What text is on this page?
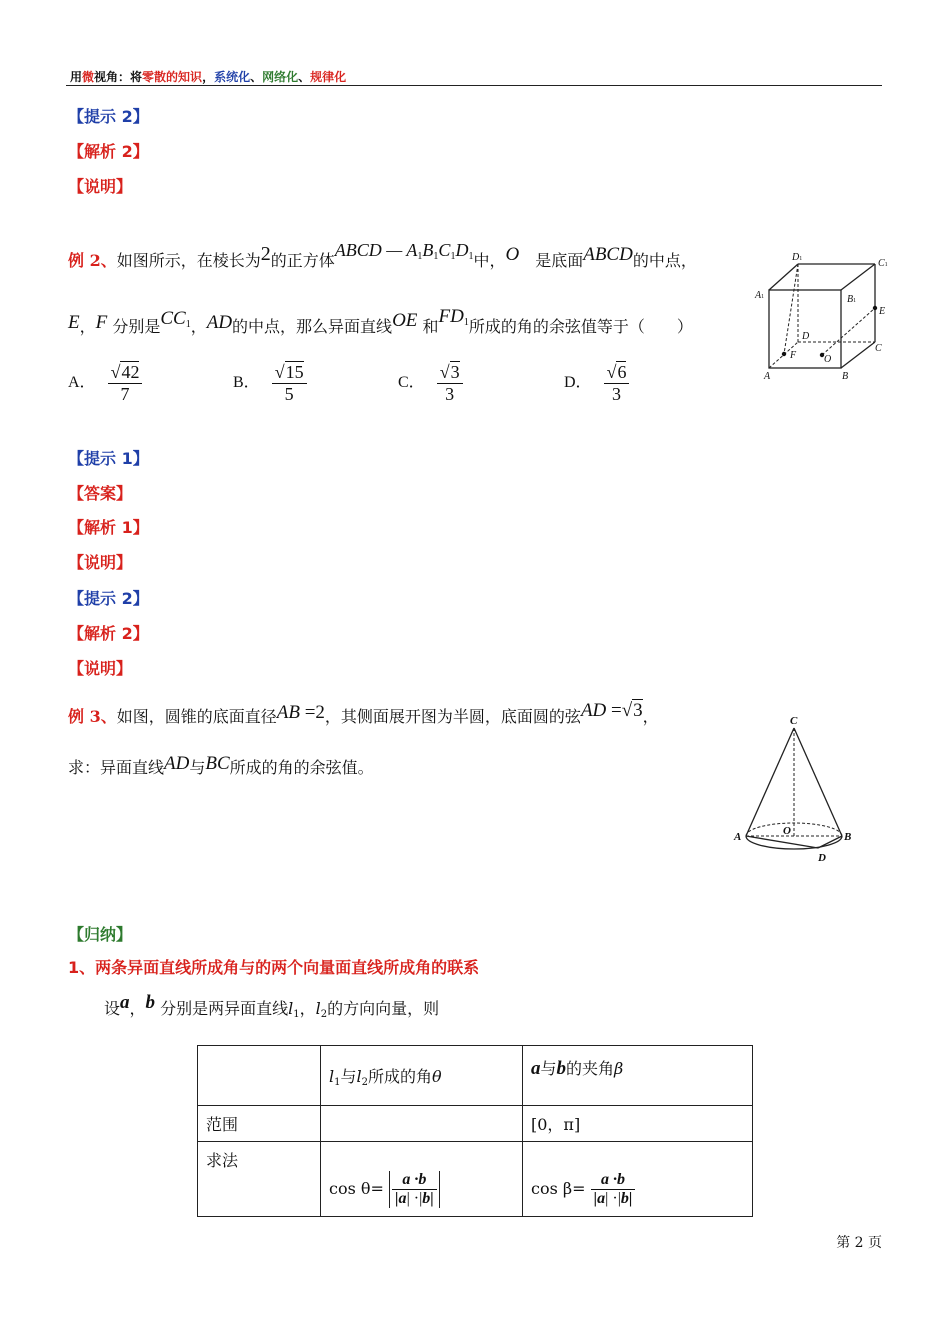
用微视角：将零散的知识，系统化、网络化、规律化
【提示 2】
【解析 2】
【说明】
例 2、如图所示，在棱长为2的正方体ABCD — $A_1B_1C_1D_1$中，O　 是底面ABCD的中点，
E，F 分别是$CC_1$，AD的中点，那么异面直线OE 和$FD_1$所成的角的余弦值等于（　　）
A． $\frac{√42}{7}$	B． $\frac{√15}{5}$	C． $\frac{√3}{3}$	D． $\frac{√6}{3}$
D1	C1
A1	B1
E
D
C
F	O
A	B
【提示 1】
【答案】
【解析 1】
【说明】
【提示 2】
【解析 2】
【说明】
例 3、如图，圆锥的底面直径AB =2，其侧面展开图为半圆，底面圆的弦AD =√3，
求：异面直线AD与BC所成的角的余弦值。
C
A	O	B
D
【归纳】
1、两条异面直线所成角与的两个向量面直线所成角的联系
设a，b 分别是两异面直线$l_1$，$l_2$的方向向量，则
	$l_1$与$l_2$所成的角θ	a与b的夹角β
范围		[0，π]
求法	$\cos \theta= \frac{a \cdot b}{|a| \cdot|b|}$	$\cos \beta= \frac{a \cdot b}{|a| \cdot|b|}$
第 2 页
